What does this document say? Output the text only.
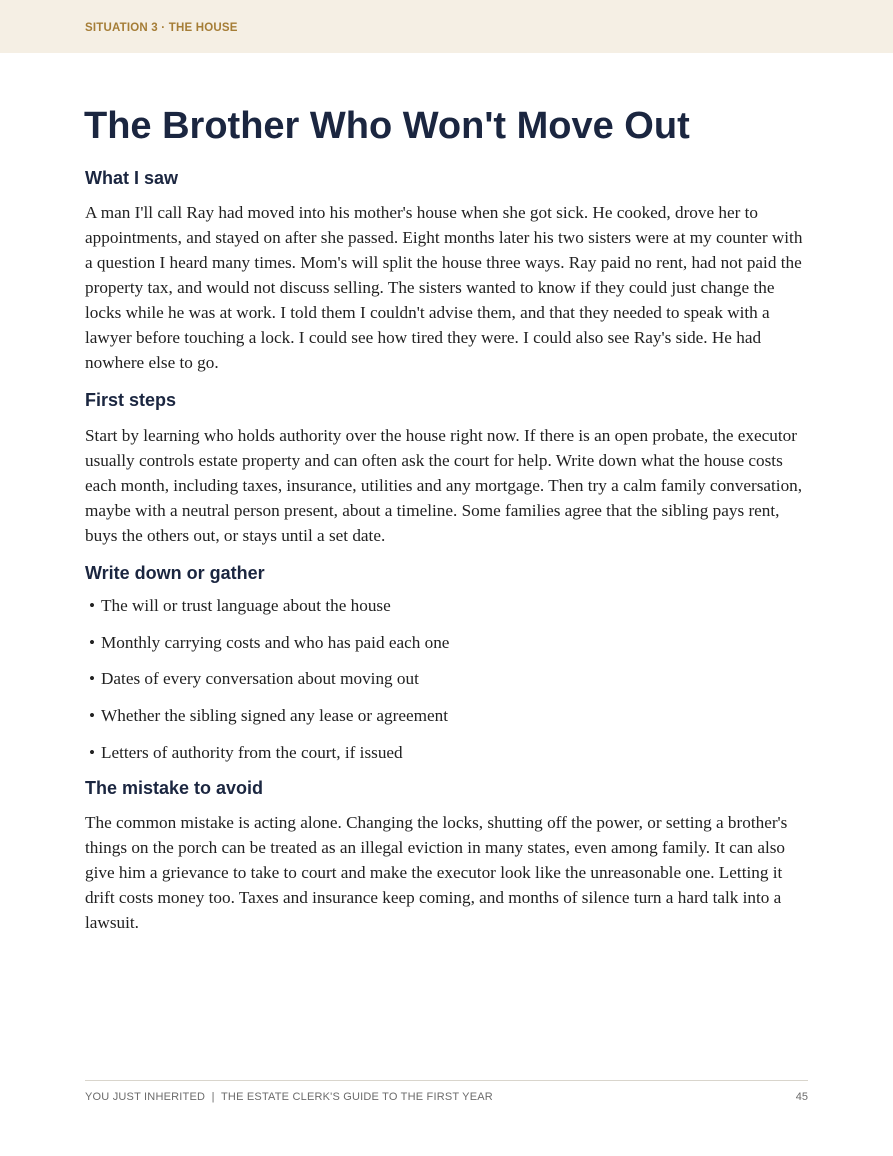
SITUATION 3 · THE HOUSE
The Brother Who Won't Move Out
What I saw

A man I'll call Ray had moved into his mother's house when she got sick. He cooked, drove her to appointments, and stayed on after she passed. Eight months later his two sisters were at my counter with a question I heard many times. Mom's will split the house three ways. Ray paid no rent, had not paid the property tax, and would not discuss selling. The sisters wanted to know if they could just change the locks while he was at work. I told them I couldn't advise them, and that they needed to speak with a lawyer before touching a lock. I could see how tired they were. I could also see Ray's side. He had nowhere else to go.

First steps

Start by learning who holds authority over the house right now. If there is an open probate, the executor usually controls estate property and can often ask the court for help. Write down what the house costs each month, including taxes, insurance, utilities and any mortgage. Then try a calm family conversation, maybe with a neutral person present, about a timeline. Some families agree that the sibling pays rent, buys the others out, or stays until a set date.

Write down or gather
• The will or trust language about the house
• Monthly carrying costs and who has paid each one
• Dates of every conversation about moving out
• Whether the sibling signed any lease or agreement
• Letters of authority from the court, if issued
The mistake to avoid

The common mistake is acting alone. Changing the locks, shutting off the power, or setting a brother's things on the porch can be treated as an illegal eviction in many states, even among family. It can also give him a grievance to take to court and make the executor look like the unreasonable one. Letting it drift costs money too. Taxes and insurance keep coming, and months of silence turn a hard talk into a lawsuit.

YOU JUST INHERITED  |  THE ESTATE CLERK'S GUIDE TO THE FIRST YEAR	45
